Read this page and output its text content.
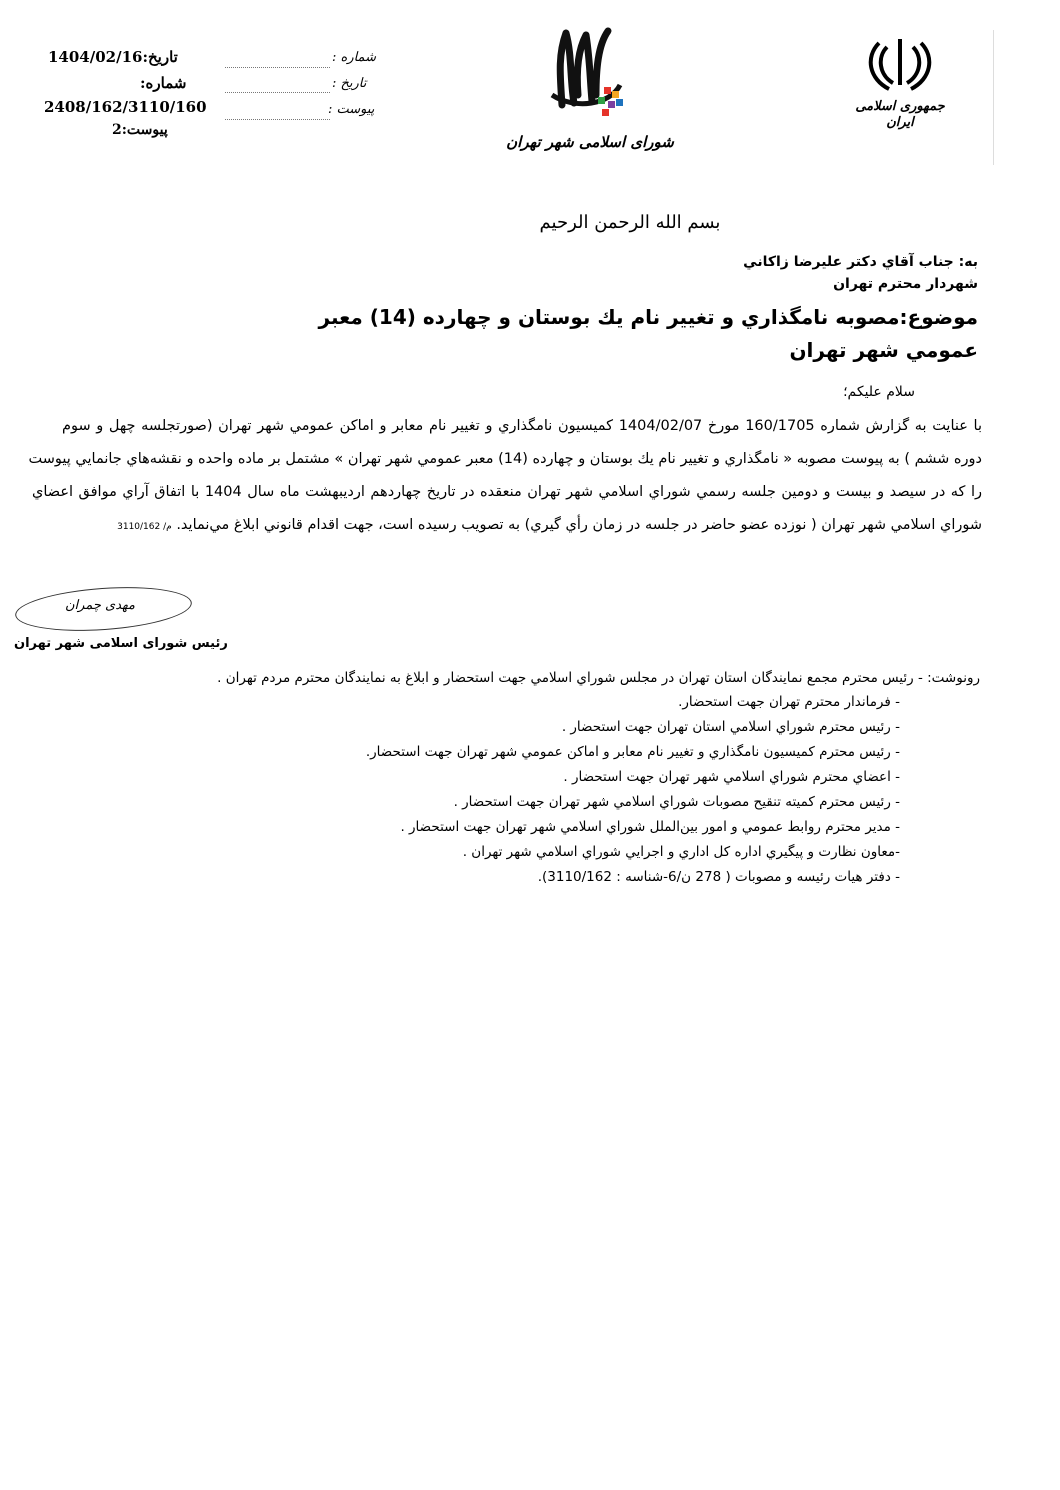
تاریخ:1404/02/16
شماره:
2408/162/3110/160
پیوست:2
شماره :
تاریخ :
پیوست :
شورای اسلامی شهر تهران
جمهوری اسلامی ایران
بسم الله الرحمن الرحيم
به: جناب آقاي دكتر عليرضا زاكاني
شهردار محترم تهران
موضوع:مصوبه نامگذاري و تغيير نام يك بوستان و چهارده (14) معبر
عمومي شهر تهران
سلام عليكم؛
با عنايت به گزارش شماره 160/1705 مورخ 1404/02/07 كميسيون نامگذاري و تغيير نام معابر و اماكن عمومي شهر تهران (صورتجلسه چهل و سوم
دوره ششم ) به پيوست مصوبه « نامگذاري و تغيير نام يك بوستان و چهارده (14) معبر عمومي شهر تهران » مشتمل بر ماده واحده و نقشه‌هاي جانمايي پيوست
را كه در سيصد و بيست و دومين جلسه رسمي شوراي اسلامي شهر تهران منعقده در تاريخ چهاردهم ارديبهشت ماه سال 1404 با اتفاق آراي موافق اعضاي
شوراي اسلامي شهر تهران ( نوزده عضو حاضر در جلسه در زمان رأي گيري) به تصويب رسيده است، جهت اقدام قانوني ابلاغ مي‌نمايد. م/ 3110/162
مهدی چمران
رئیس شورای اسلامی شهر تهران
رونوشت: - رئيس محترم مجمع نمايندگان استان تهران در مجلس شوراي اسلامي جهت استحضار و ابلاغ به نمايندگان محترم مردم تهران .
- فرماندار محترم تهران جهت استحضار.
- رئيس محترم شوراي اسلامي استان تهران جهت استحضار .
- رئيس محترم كميسيون نامگذاري و تغيير نام معابر و اماكن عمومي شهر تهران جهت استحضار.
- اعضاي محترم شوراي اسلامي شهر تهران جهت استحضار .
- رئيس محترم كميته تنقيح مصوبات شوراي اسلامي شهر تهران جهت استحضار .
- مدير محترم روابط عمومي و امور بين‌الملل شوراي اسلامي شهر تهران جهت استحضار .
-معاون نظارت و پيگيري اداره كل اداري و اجرايي شوراي اسلامي شهر تهران .
- دفتر هيات رئيسه و مصوبات ( 278 ن/6-شناسه : 3110/162).
